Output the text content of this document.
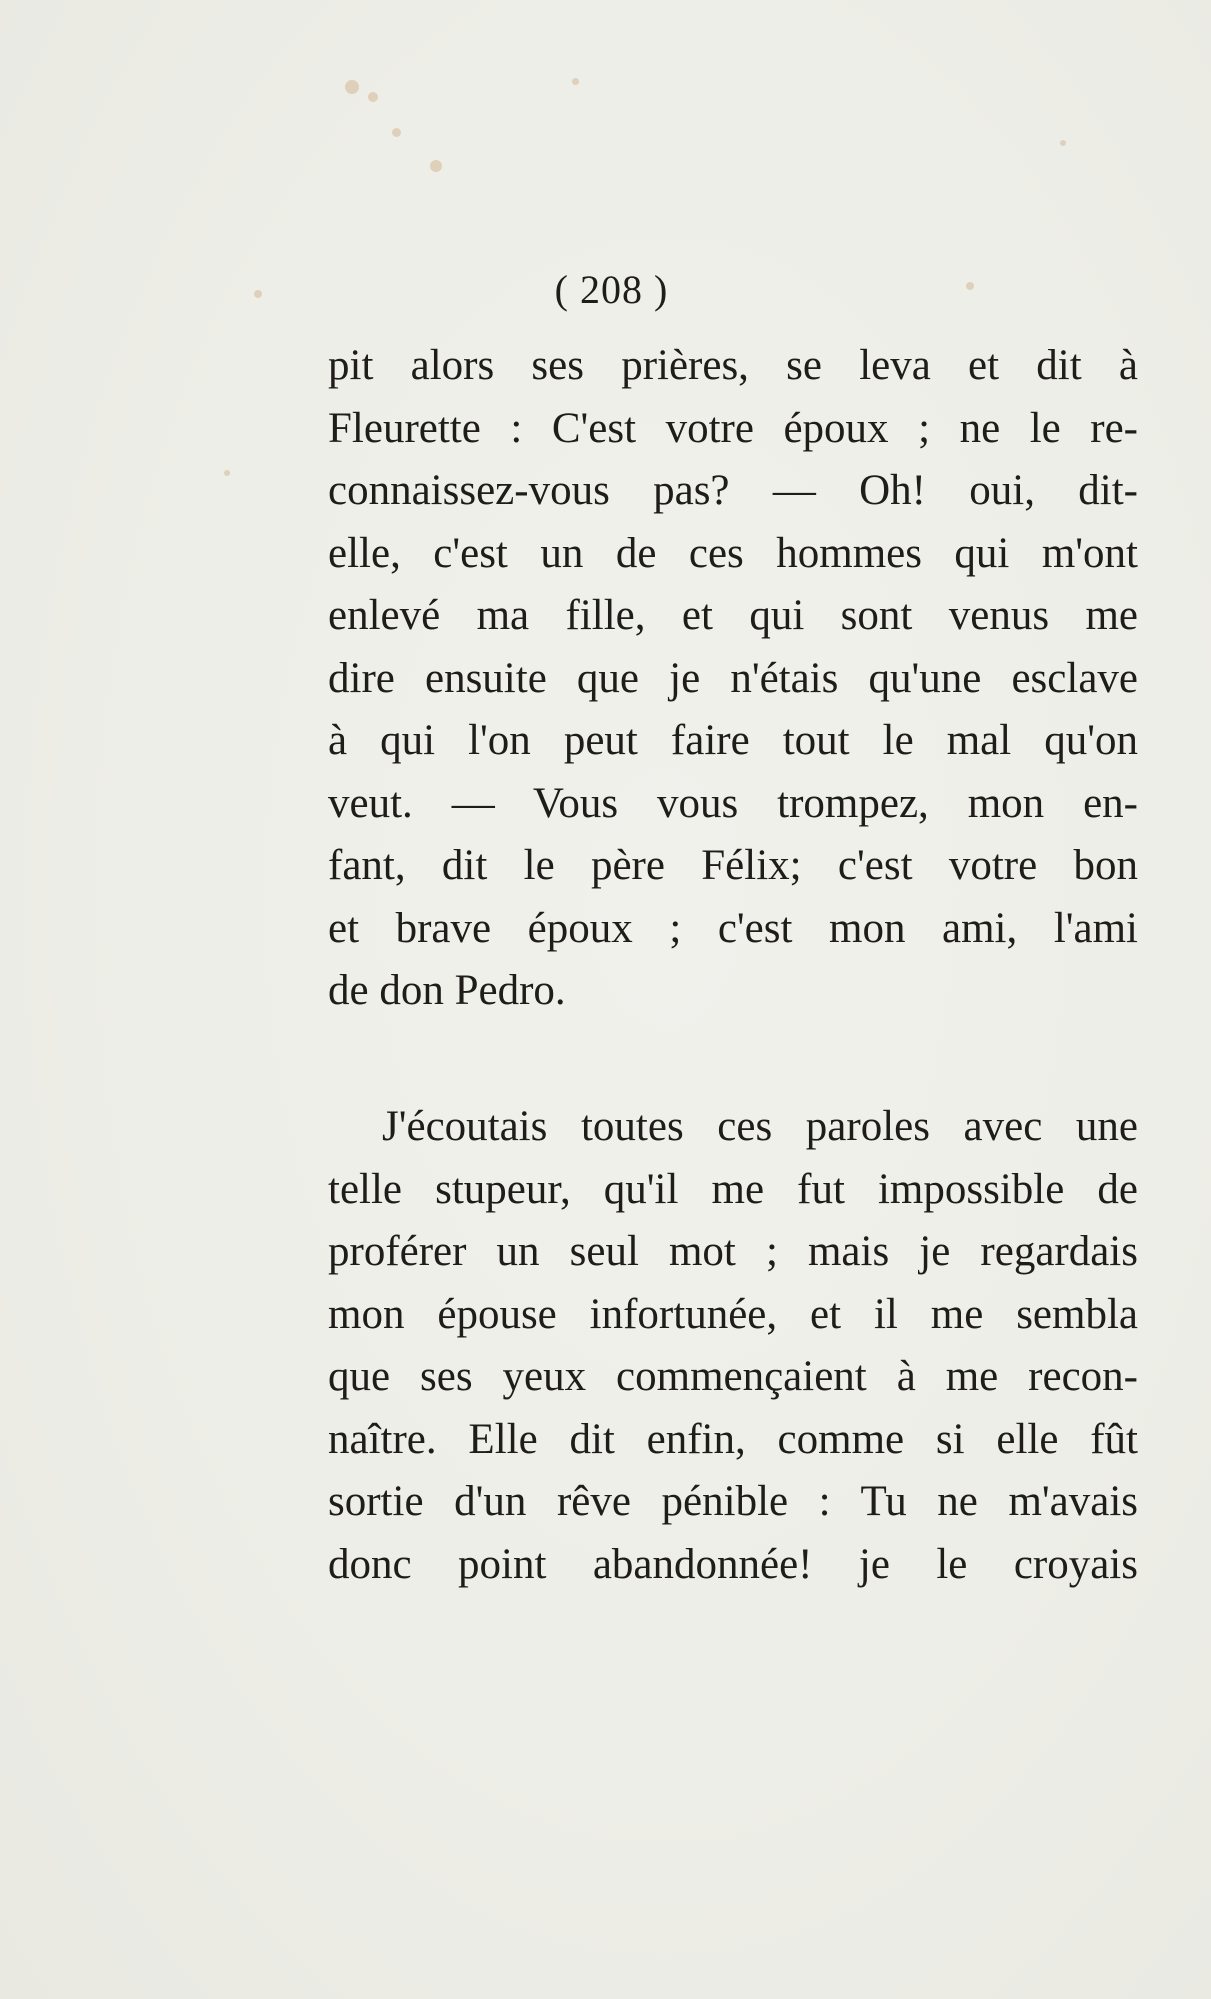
( 208 )
pit alors ses prières, se leva et dit à
Fleurette : C'est votre époux ; ne le re-
connaissez-vous pas? — Oh! oui, dit-
elle, c'est un de ces hommes qui m'ont
enlevé ma fille, et qui sont venus me
dire ensuite que je n'étais qu'une esclave
à qui l'on peut faire tout le mal qu'on
veut. — Vous vous trompez, mon en-
fant, dit le père Félix; c'est votre bon
et brave époux ; c'est mon ami, l'ami
de don Pedro.
J'écoutais toutes ces paroles avec une
telle stupeur, qu'il me fut impossible de
proférer un seul mot ; mais je regardais
mon épouse infortunée, et il me sembla
que ses yeux commençaient à me recon-
naître. Elle dit enfin, comme si elle fût
sortie d'un rêve pénible : Tu ne m'avais
donc point abandonnée! je le croyais
